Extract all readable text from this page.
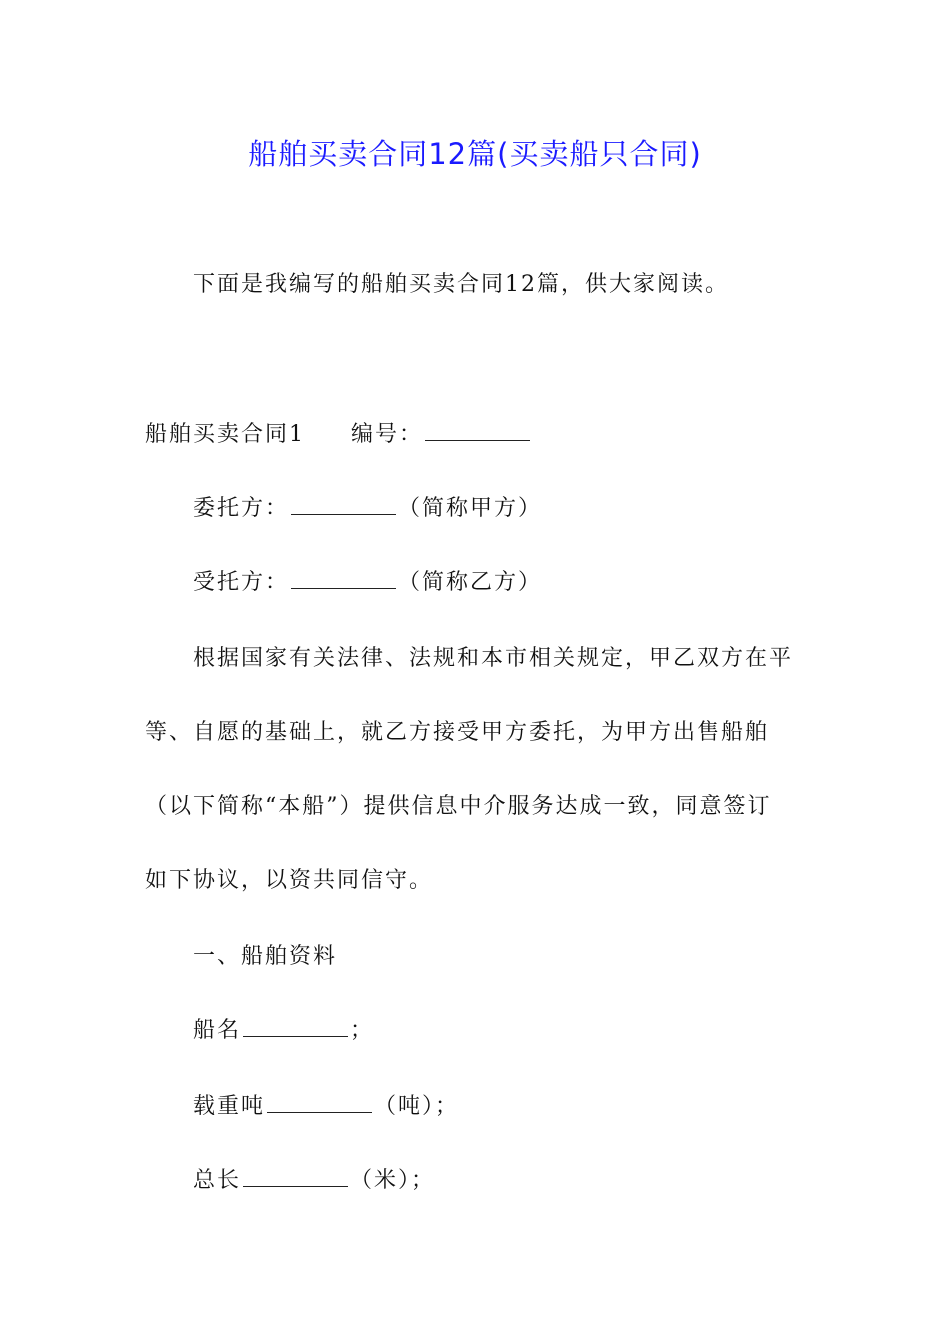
船舶买卖合同12篇(买卖船只合同)
下面是我编写的船舶买卖合同12篇，供大家阅读。
船舶买卖合同1 编号：
委托方：	（简称甲方）
受托方：	（简称乙方）
根据国家有关法律、法规和本市相关规定，甲乙双方在平
等、自愿的基础上，就乙方接受甲方委托，为甲方出售船舶
（以下简称“本船”）提供信息中介服务达成一致，同意签订
如下协议，以资共同信守。
一、船舶资料
船名	；
载重吨	（吨）；
总长	（米）；
